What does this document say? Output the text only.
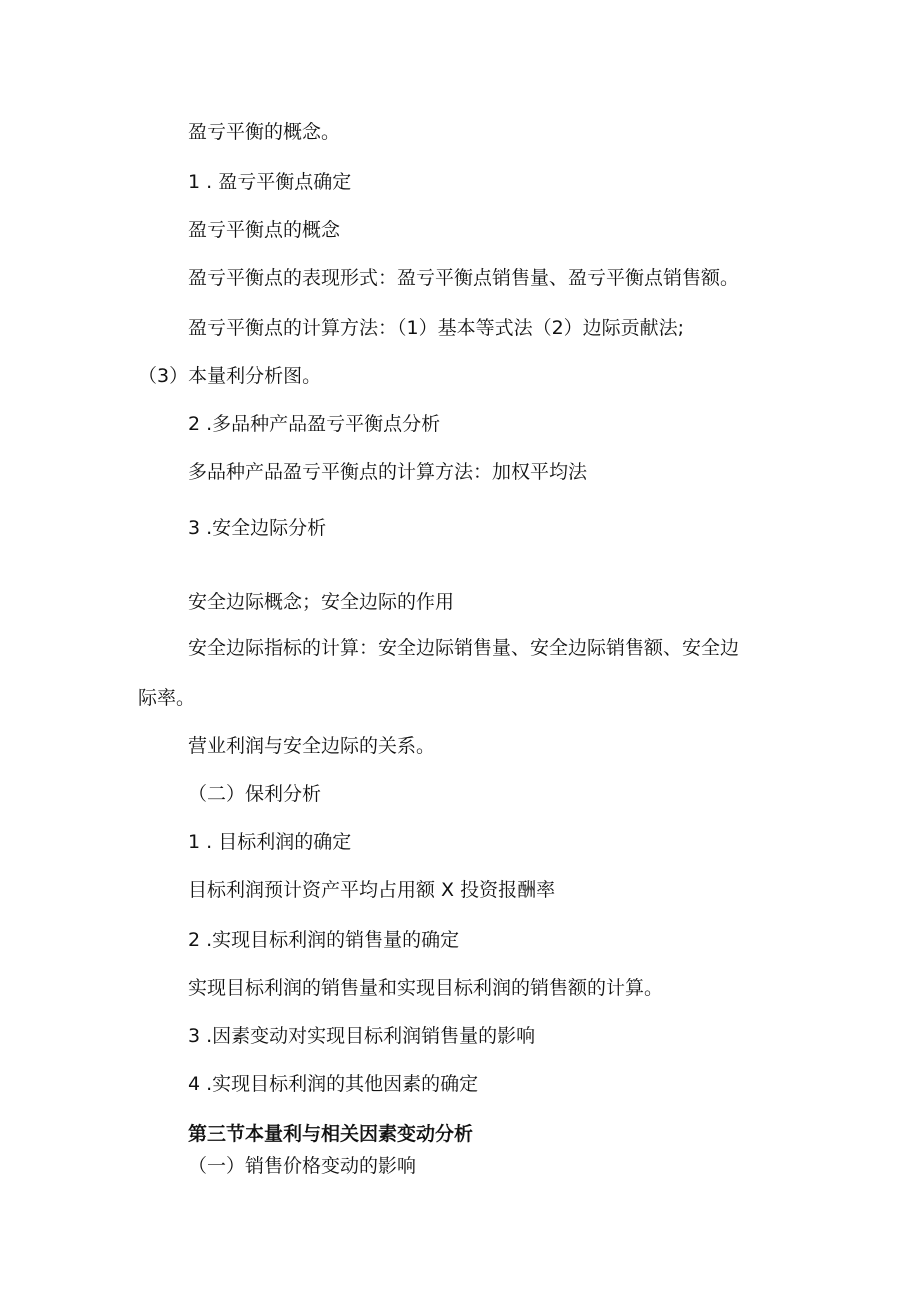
盈亏平衡的概念。

1 . 盈亏平衡点确定

盈亏平衡点的概念

盈亏平衡点的表现形式：盈亏平衡点销售量、盈亏平衡点销售额。

盈亏平衡点的计算方法：（1）基本等式法（2）边际贡献法;

（3）本量利分析图。

2 .多品种产品盈亏平衡点分析

多品种产品盈亏平衡点的计算方法：加权平均法

3 .安全边际分析

安全边际概念；安全边际的作用

安全边际指标的计算：安全边际销售量、安全边际销售额、安全边

际率。

营业利润与安全边际的关系。

（二）保利分析

1 . 目标利润的确定

目标利润预计资产平均占用额 X 投资报酬率

2 .实现目标利润的销售量的确定

实现目标利润的销售量和实现目标利润的销售额的计算。

3 .因素变动对实现目标利润销售量的影响

4 .实现目标利润的其他因素的确定

第三节本量利与相关因素变动分析

（一）销售价格变动的影响
